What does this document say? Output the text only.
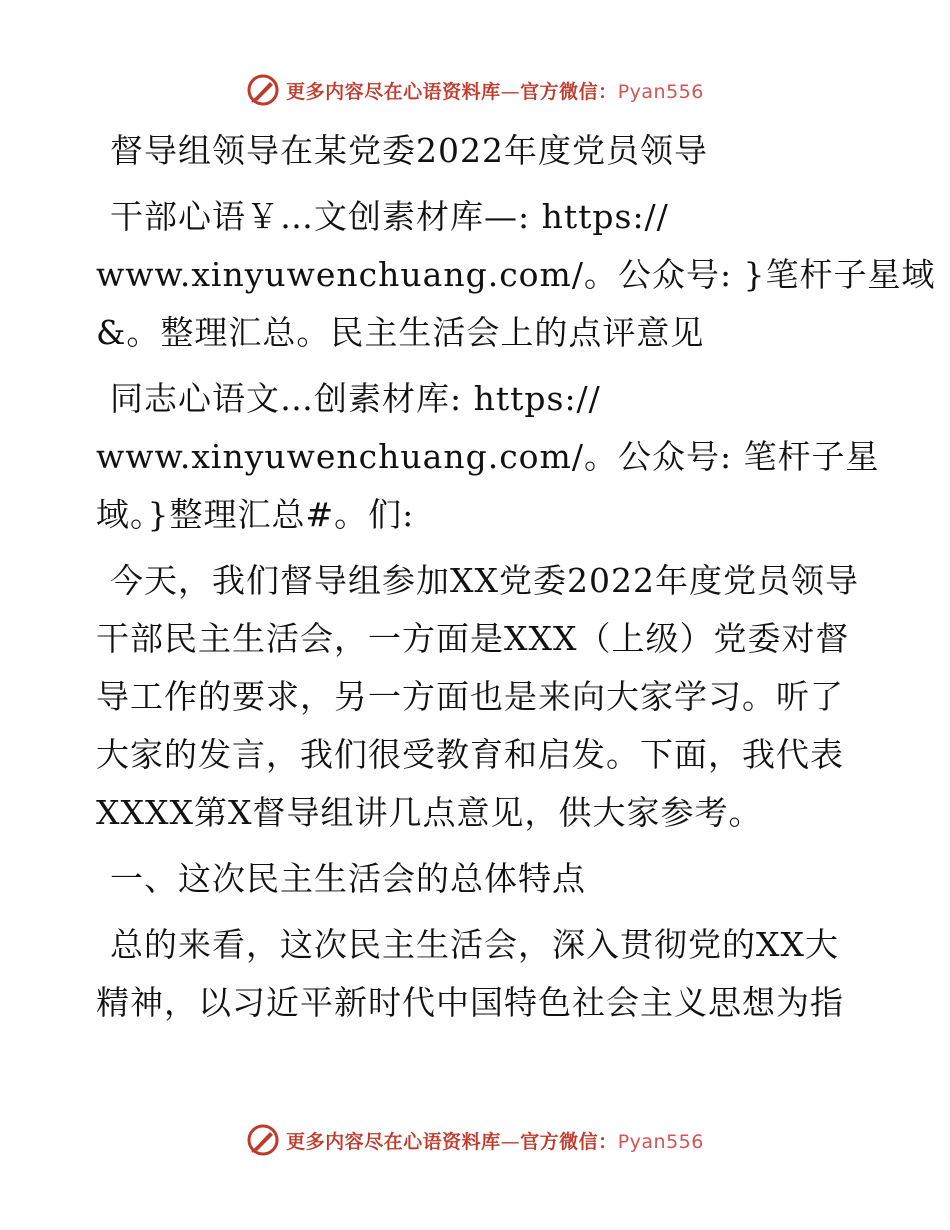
更多内容尽在心语资料库—官方微信：Pyan556
督导组领导在某党委2022年度党员领导
干部心语￥…文创素材库—: https://
www.xinyuwenchuang.com/。公众号: }笔杆子星域
&。整理汇总。民主生活会上的点评意见
同志心语文…创素材库: https://
www.xinyuwenchuang.com/。公众号: 笔杆子星
域。}整理汇总#。们:
今天，我们督导组参加XX党委2022年度党员领导
干部民主生活会，一方面是XXX（上级）党委对督
导工作的要求，另一方面也是来向大家学习。听了
大家的发言，我们很受教育和启发。下面，我代表
XXXX第X督导组讲几点意见，供大家参考。
一、这次民主生活会的总体特点
总的来看，这次民主生活会，深入贯彻党的XX大
精神，以习近平新时代中国特色社会主义思想为指
更多内容尽在心语资料库—官方微信：Pyan556
